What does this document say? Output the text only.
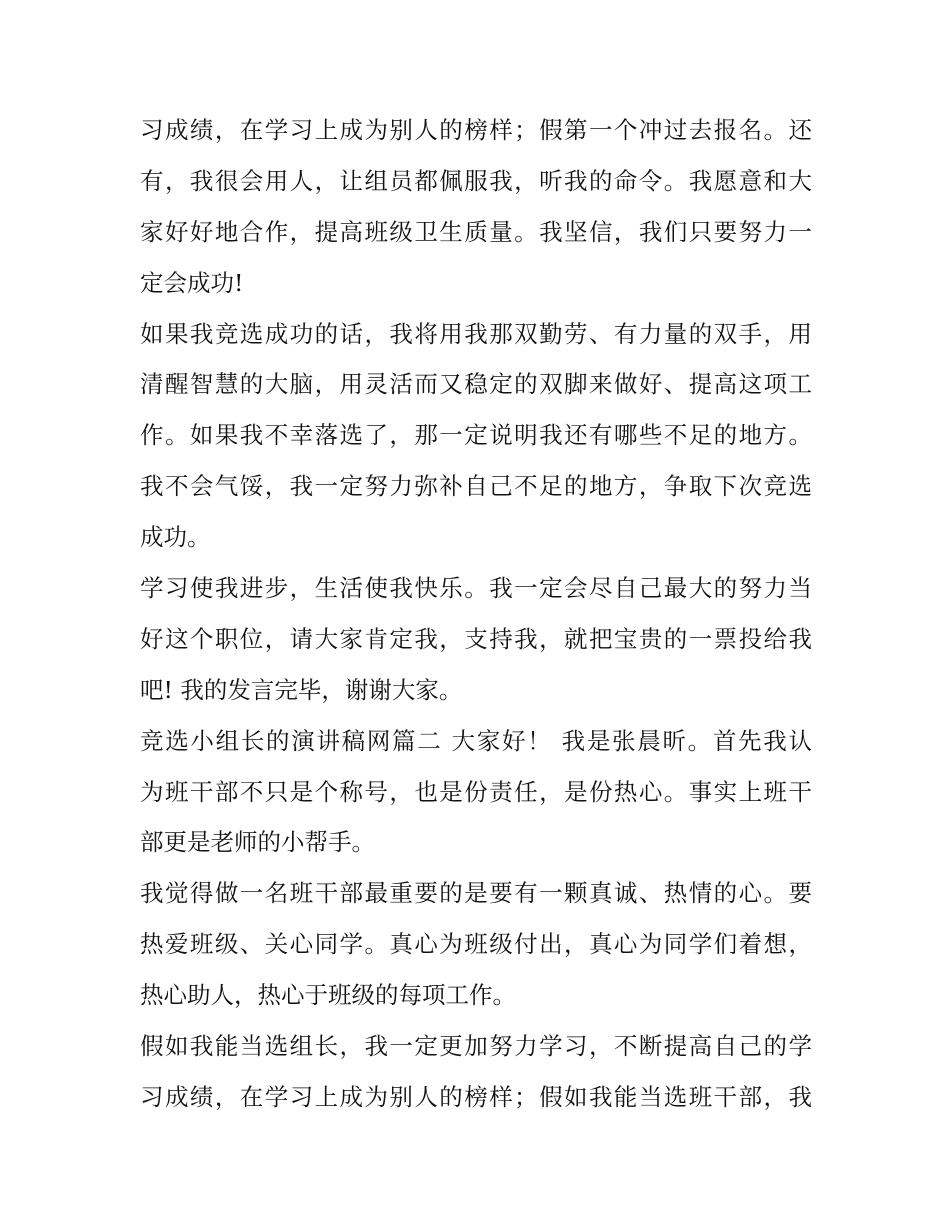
习成绩，在学习上成为别人的榜样；假第一个冲过去报名。还
有，我很会用人，让组员都佩服我，听我的命令。我愿意和大
家好好地合作，提高班级卫生质量。我坚信，我们只要努力一
定会成功!
如果我竞选成功的话，我将用我那双勤劳、有力量的双手，用
清醒智慧的大脑，用灵活而又稳定的双脚来做好、提高这项工
作。如果我不幸落选了，那一定说明我还有哪些不足的地方。
我不会气馁，我一定努力弥补自己不足的地方，争取下次竞选
成功。
学习使我进步，生活使我快乐。我一定会尽自己最大的努力当
好这个职位，请大家肯定我，支持我，就把宝贵的一票投给我
吧! 我的发言完毕，谢谢大家。
竞选小组长的演讲稿网篇二 大家好！ 我是张晨昕。首先我认
为班干部不只是个称号，也是份责任，是份热心。事实上班干
部更是老师的小帮手。
我觉得做一名班干部最重要的是要有一颗真诚、热情的心。要
热爱班级、关心同学。真心为班级付出，真心为同学们着想，
热心助人，热心于班级的每项工作。
假如我能当选组长，我一定更加努力学习，不断提高自己的学
习成绩，在学习上成为别人的榜样；假如我能当选班干部，我
